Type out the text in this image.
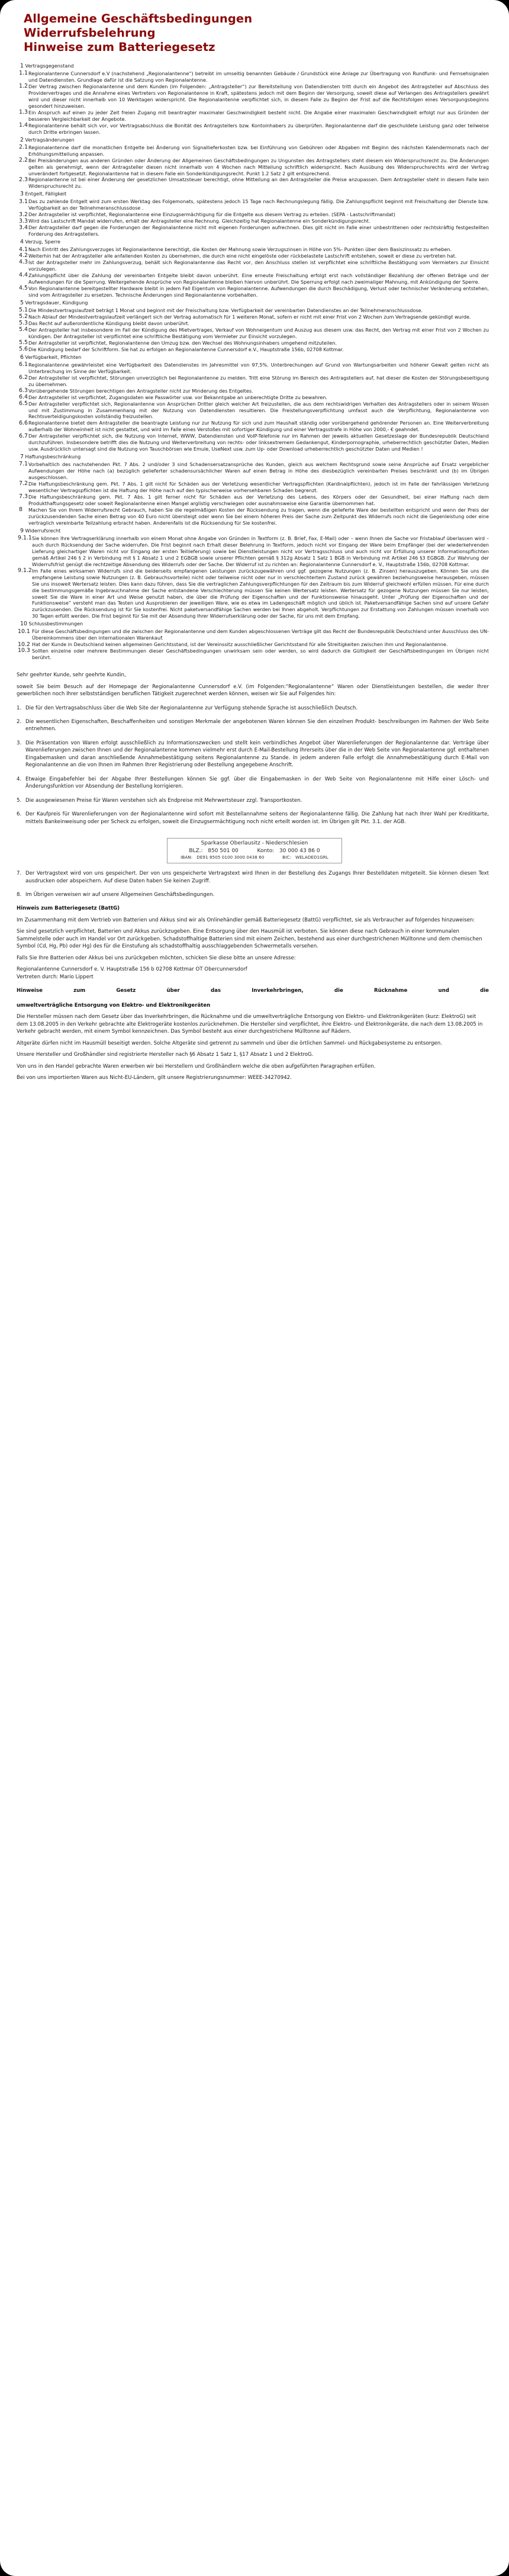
Allgemeine Geschäftsbedingungen
Widerrufsbelehrung
Hinweise zum Batteriegesetz
1 Vertragsgegenstand
1.1 Regionalantenne Cunnersdorf e.V (nachstehend „Regionalantenne“) betreibt im umseitig benannten Gebäude / Grundstück eine Anlage zur Übertragung von Rundfunk- und Fernsehsignalen und Datendiensten. Grundlage dafür ist die Satzung von Regionalantenne.
1.2 Der Vertrag zwischen Regionalantenne und dem Kunden (im Folgenden: „Antragsteller“) zur Bereitstellung von Datendiensten tritt durch ein Angebot des Antragsteller auf Abschluss des Providervertrages und die Annahme eines Vertreters von Regionalantenne in Kraft, spätestens jedoch mit dem Beginn der Versorgung, soweit diese auf Verlangen des Antragstellers gewährt wird und dieser nicht innerhalb von 10 Werktagen widerspricht. Die Regionalantenne verpflichtet sich, in diesem Falle zu Beginn der Frist auf die Rechtsfolgen eines Versorgungsbeginns gesondert hinzuweisen.
1.3 Ein Anspruch auf einen zu jeder Zeit freien Zugang mit beantragter maximaler Geschwindigkeit besteht nicht. Die Angabe einer maximalen Geschwindigkeit erfolgt nur aus Gründen der besseren Vergleichbarkeit der Angebote.
1.4 Regionalantenne behält sich vor, vor Vertragsabschluss die Bonität des Antragstellers bzw. Kontoinhabers zu überprüfen. Regionalantenne darf die geschuldete Leistung ganz oder teilweise durch Dritte erbringen lassen.
2 Vertragsänderungen
2.1 Regionalantenne darf die monatlichen Entgelte bei Änderung von Signallieferkosten bzw. bei Einführung von Gebühren oder Abgaben mit Beginn des nächsten Kalendermonats nach der Erhöhungsmitteilung anpassen.
2.2 Bei Preisänderungen aus anderen Gründen oder Änderung der Allgemeinen Geschäftsbedingungen zu Ungunsten des Antragstellers steht diesem ein Widerspruchsrecht zu. Die Änderungen gelten als genehmigt, wenn der Antragsteller diesen nicht innerhalb von 4 Wochen nach Mitteilung schriftlich widerspricht. Nach Ausübung des Widerspruchsrechts wird der Vertrag unverändert fortgesetzt. Regionalantenne hat in diesem Falle ein Sonderkündigungsrecht. Punkt 1.2 Satz 2 gilt entsprechend.
2.3 Regionalantenne ist bei einer Änderung der gesetzlichen Umsatzsteuer berechtigt, ohne Mitteilung an den Antragsteller die Preise anzupassen. Dem Antragsteller steht in diesem Falle kein Widerspruchsrecht zu.
3 Entgelt, Fälligkeit
3.1 Das zu zahlende Entgelt wird zum ersten Werktag des Folgemonats, spätestens jedoch 15 Tage nach Rechnungslegung fällig. Die Zahlungspflicht beginnt mit Freischaltung der Dienste bzw. Verfügbarkeit an der Teilnehmeranschlussdose .
3.2 Der Antragsteller ist verpflichtet, Regionalantenne eine Einzugsermächtigung für die Entgelte aus diesem Vertrag zu erteilen. (SEPA - Lastschriftmandat)
3.3 Wird das Lastschrift Mandat widerrufen, erhält der Antragsteller eine Rechnung. Gleichzeitig hat Regionalantenne ein Sonderkündigungsrecht.
3.4 Der Antragsteller darf gegen die Forderungen der Regionalantenne nicht mit eigenen Forderungen aufrechnen. Dies gilt nicht im Falle einer unbestrittenen oder rechtskräftig festgestellten Forderung des Antragstellers.
4 Verzug, Sperre
4.1 Nach Eintritt des Zahlungsverzuges ist Regionalantenne berechtigt, die Kosten der Mahnung sowie Verzugszinsen in Höhe von 5%- Punkten über dem Basiszinssatz zu erheben.
4.2 Weiterhin hat der Antragsteller alle anfallenden Kosten zu übernehmen, die durch eine nicht eingelöste oder rückbelastete Lastschrift entstehen, soweit er diese zu vertreten hat.
4.3 Ist der Antragsteller mehr im Zahlungsverzug, behält sich Regionalantenne das Recht vor, den Anschluss stellen ist verpflichtet eine schriftliche Bestätigung vom Vermieters zur Einsicht vorzulegen.
4.4 Zahlungspflicht über die Zahlung der vereinbarten Entgelte bleibt davon unberührt. Eine erneute Freischaltung erfolgt erst nach vollständiger Bezahlung der offenen Beträge und der Aufwendungen für die Sperrung. Weitergehende Ansprüche von Regionalantenne bleiben hiervon unberührt. Die Sperrung erfolgt nach zweimaliger Mahnung, mit Ankündigung der Sperre.
4.5 Von Regionalantenne bereitgestellter Hardware bleibt in jedem Fall Eigentum von Regionalantenne. Aufwendungen die durch Beschädigung, Verlust oder technischer Veränderung entstehen, sind vom Antragsteller zu ersetzen. Technische Änderungen sind Regionalantenne vorbehalten.
5 Vertragsdauer, Kündigung
5.1 Die Mindestvertragslaufzeit beträgt 1 Monat und beginnt mit der Freischaltung bzw. Verfügbarkeit der vereinbarten Datendienstes an der Teilnehmeranschlussdose.
5.2 Nach Ablauf der Mindestvertragslaufzeit verlängert sich der Vertrag automatisch für 1 weiteren Monat, sofern er nicht mit einer Frist von 2 Wochen zum Vertragsende gekündigt wurde.
5.3 Das Recht auf außerordentliche Kündigung bleibt davon unberührt.
5.4 Der Antragsteller hat insbesondere im Fall der Kündigung des Mietvertrages, Verkauf von Wohneigentum und Auszug aus diesem usw. das Recht, den Vertrag mit einer Frist von 2 Wochen zu kündigen. Der Antragsteller ist verpflichtet eine schriftliche Bestätigung vom Vermieter zur Einsicht vorzulegen.
5.5 Der Antragsteller ist verpflichtet, Regionalantenne den Umzug bzw. den Wechsel des Wohnungsinhabers umgehend mitzuteilen.
5.6 Die Kündigung bedarf der Schriftform. Sie hat zu erfolgen an Regionalantenne Cunnersdorf e.V., Hauptstraße 156b, 02708 Kottmar.
6 Verfügbarkeit, Pflichten
6.1 Regionalantenne gewährleistet eine Verfügbarkeit des Datendienstes im Jahresmittel von 97,5%. Unterbrechungen auf Grund von Wartungsarbeiten und höherer Gewalt gelten nicht als Unterbrechung im Sinne der Verfügbarkeit.
6.2 Der Antragsteller ist verpflichtet, Störungen unverzüglich bei Regionalantenne zu melden. Tritt eine Störung im Bereich des Antragstellers auf, hat dieser die Kosten der Störungsbeseitigung zu übernehmen.
6.3 Vorübergehende Störungen berechtigen den Antragsteller nicht zur Minderung des Entgeltes.
6.4 Der Antragsteller ist verpflichtet, Zugangsdaten wie Passwörter usw. vor Bekanntgabe an unberechtigte Dritte zu bewahren.
6.5 Der Antragsteller verpflichtet sich, Regionalantenne von Ansprüchen Dritter gleich welcher Art freizustellen, die aus dem rechtswidrigen Verhalten des Antragstellers oder in seinem Wissen und mit Zustimmung in Zusammenhang mit der Nutzung von Datendiensten resultieren. Die Freistellungsverpflichtung umfasst auch die Verpflichtung, Regionalantenne von Rechtsverteidigungskosten vollständig freizustellen.
6.6 Regionalantenne bietet dem Antragsteller die beantragte Leistung nur zur Nutzung für sich und zum Haushalt ständig oder vorübergehend gehörender Personen an. Eine Weiterverbreitung außerhalb der Wohneinheit ist nicht gestattet, und wird im Falle eines Verstoßes mit sofortiger Kündigung und einer Vertragsstrafe in Höhe von 2000,- € geahndet.
6.7 Der Antragsteller verpflichtet sich, die Nutzung von Internet, WWW, Datendiensten und VoIP-Telefonie nur im Rahmen der jeweils aktuellen Gesetzeslage der Bundesrepublik Deutschland durchzuführen. Insbesondere betrifft dies die Nutzung und Weiterverbreitung von rechts- oder linksextremem Gedankengut, Kinderpornographie, urheberrechtlich geschützter Daten, Medien usw. Ausdrücklich untersagt sind die Nutzung von Tauschbörsen wie Emule, UseNext usw. zum Up- oder Download urheberrechtlich geschützter Daten und Medien !
7 Haftungsbeschränkung
7.1 Vorbehaltlich des nachstehenden Pkt. 7 Abs. 2 und/oder 3 sind Schadensersatzansprüche des Kunden, gleich aus welchem Rechtsgrund sowie seine Ansprüche auf Ersatz vergeblicher Aufwendungen der Höhe nach (a) bezüglich gelieferter schadensursächlicher Waren auf einen Betrag in Höhe des diesbezüglich vereinbarten Preises beschränkt und (b) im Übrigen ausgeschlossen.
7.2 Die Haftungsbeschränkung gem. Pkt. 7 Abs. 1 gilt nicht für Schäden aus der Verletzung wesentlicher Vertragspflichten (Kardinalpflichten), jedoch ist im Falle der fahrlässigen Verletzung wesentlicher Vertragspflichten ist die Haftung der Höhe nach auf den typischerweise vorhersehbaren Schaden begrenzt.
7.3 Die Haftungsbeschränkung gem. Pkt. 7 Abs. 1 gilt ferner nicht für Schäden aus der Verletzung des Lebens, des Körpers oder der Gesundheit, bei einer Haftung nach dem Produkthaftungsgesetz oder soweit Regionalantenne einen Mangel arglistig verschwiegen oder ausnahmsweise eine Garantie übernommen hat.
8 Machen Sie von Ihrem Widerrufsrecht Gebrauch, haben Sie die regelmäßigen Kosten der Rücksendung zu tragen, wenn die gelieferte Ware der bestellten entspricht und wenn der Preis der zurückzusendenden Sache einen Betrag von 40 Euro nicht übersteigt oder wenn Sie bei einem höheren Preis der Sache zum Zeitpunkt des Widerrufs noch nicht die Gegenleistung oder eine vertraglich vereinbarte Teilzahlung erbracht haben. Anderenfalls ist die Rücksendung für Sie kostenfrei.
9 Widerrufsrecht
9.1.1 Sie können Ihre Vertragserklärung innerhalb von einem Monat ohne Angabe von Gründen in Textform (z. B. Brief, Fax, E-Mail) oder – wenn Ihnen die Sache vor Fristablauf überlassen wird – auch durch Rücksendung der Sache widerrufen. Die Frist beginnt nach Erhalt dieser Belehrung in Textform, jedoch nicht vor Eingang der Ware beim Empfänger (bei der wiederkehrenden Lieferung gleichartiger Waren nicht vor Eingang der ersten Teillieferung) sowie bei Dienstleistungen nicht vor Vertragsschluss und auch nicht vor Erfüllung unserer Informationspflichten gemäß Artikel 246 § 2 in Verbindung mit § 1 Absatz 1 und 2 EGBGB sowie unserer Pflichten gemäß § 312g Absatz 1 Satz 1 BGB in Verbindung mit Artikel 246 §3 EGBGB. Zur Wahrung der Widerrufsfrist genügt die rechtzeitige Absendung des Widerrufs oder der Sache. Der Widerruf ist zu richten an: Regionalantenne Cunnersdorf e. V., Hauptstraße 156b, 02708 Kottmar.
9.1.2 Im Falle eines wirksamen Widerrufs sind die beiderseits empfangenen Leistungen zurückzugewähren und ggf. gezogene Nutzungen (z. B. Zinsen) herauszugeben. Können Sie uns die empfangene Leistung sowie Nutzungen (z. B. Gebrauchsvorteile) nicht oder teilweise nicht oder nur in verschlechtertem Zustand zurück gewähren beziehungsweise herausgeben, müssen Sie uns insoweit Wertersatz leisten. Dies kann dazu führen, dass Sie die vertraglichen Zahlungsverpflichtungen für den Zeitraum bis zum Widerruf gleichwohl erfüllen müssen. Für eine durch die bestimmungsgemäße Ingebrauchnahme der Sache entstandene Verschlechterung müssen Sie keinen Wertersatz leisten. Wertersatz für gezogene Nutzungen müssen Sie nur leisten, soweit Sie die Ware in einer Art und Weise genutzt haben, die über die Prüfung der Eigenschaften und der Funktionsweise hinausgeht. Unter „Prüfung der Eigenschaften und der Funktionsweise“ versteht man das Testen und Ausprobieren der jeweiligen Ware, wie es etwa im Ladengeschäft möglich und üblich ist. Paketversandfähige Sachen sind auf unsere Gefahr zurückzusenden. Die Rücksendung ist für Sie kostenfrei. Nicht paketversandfähige Sachen werden bei Ihnen abgeholt. Verpflichtungen zur Erstattung von Zahlungen müssen innerhalb von 30 Tagen erfüllt werden. Die Frist beginnt für Sie mit der Absendung Ihrer Widerrufserklärung oder der Sache, für uns mit dem Empfang.
10 Schlussbestimmungen
10.1 Für diese Geschäftsbedingungen und die zwischen der Regionalantenne und dem Kunden abgeschlossenen Verträge gilt das Recht der Bundesrepublik Deutschland unter Ausschluss des UN-Übereinkommens über den internationalen Warenkauf.
10.2 Hat der Kunde in Deutschland keinen allgemeinen Gerichtsstand, ist der Vereinssitz ausschließlicher Gerichtsstand für alle Streitigkeiten zwischen ihm und Regionalantenne.
10.3 Sollten einzelne oder mehrere Bestimmungen dieser Geschäftsbedingungen unwirksam sein oder werden, so wird dadurch die Gültigkeit der Geschäftsbedingungen im Übrigen nicht berührt.
Sehr geehrter Kunde, sehr geehrte Kundin,
soweit Sie beim Besuch auf der Homepage der Regionalantenne Cunnersdorf e.V. (im Folgenden:“Regionalantenne“ Waren oder Dienstleistungen bestellen, die weder Ihrer gewerblichen noch Ihrer selbstständigen beruflichen Tätigkeit zugerechnet werden können, weisen wir Sie auf Folgendes hin:
1. Die für den Vertragsabschluss über die Web Site der Regionalantenne zur Verfügung stehende Sprache ist ausschließlich Deutsch.
2. Die wesentlichen Eigenschaften, Beschaffenheiten und sonstigen Merkmale der angebotenen Waren können Sie den einzelnen Produkt- beschreibungen im Rahmen der Web Seite entnehmen.
3. Die Präsentation von Waren erfolgt ausschließlich zu Informationszwecken und stellt kein verbindliches Angebot über Warenlieferungen der Regionalantenne dar. Verträge über Warenlieferungen zwischen Ihnen und der Regionalantenne kommen vielmehr erst durch E-Mail-Bestellung Ihrerseits über die in der Web Seite von Regionalantenne ggf. enthaltenen Eingabemasken und daran anschließende Annahmebestätigung seitens Regionalantenne zu Stande. In jedem anderen Falle erfolgt die Annahmebestätigung durch E-Mail von Regionalantenne an die von Ihnen im Rahmen Ihrer Registrierung oder Bestellung angegebene Anschrift.
4. Etwaige Eingabefehler bei der Abgabe Ihrer Bestellungen können Sie ggf. über die Eingabemasken in der Web Seite von Regionalantenne mit Hilfe einer Lösch- und Änderungsfunktion vor Absendung der Bestellung korrigieren.
5. Die ausgewiesenen Preise für Waren verstehen sich als Endpreise mit Mehrwertsteuer zzgl. Transportkosten.
6. Der Kaufpreis für Warenlieferungen von der Regionalantenne wird sofort mit Bestellannahme seitens der Regionalantenne fällig. Die Zahlung hat nach Ihrer Wahl per Kreditkarte, mittels Bankeinweisung oder per Scheck zu erfolgen, soweit die Einzugsermächtigung noch nicht erteilt worden ist. Im Übrigen gilt Pkt. 3.1. der AGB.
Sparkasse Oberlausitz - Niederschlesien
BLZ.: 850 501 00	Konto: 30 000 43 86 0
IBAN: DE91 8505 0100 3000 0438 60	BIC: WELADED1GRL
7. Der Vertragstext wird von uns gespeichert. Der von uns gespeicherte Vertragstext wird Ihnen in der Bestellung des Zugangs Ihrer Bestelldaten mitgeteilt. Sie können diesen Text ausdrucken oder abspeichern. Auf diese Daten haben Sie keinen Zugriff.
8. Im Übrigen verweisen wir auf unsere Allgemeinen Geschäftsbedingungen.
Hinweis zum Batteriegesetz (BattG)
Im Zusammenhang mit dem Vertrieb von Batterien und Akkus sind wir als Onlinehändler gemäß Batteriegesetz (BattG) verpflichtet, sie als Verbraucher auf folgendes hinzuweisen:
Sie sind gesetzlich verpflichtet, Batterien und Akkus zurückzugeben. Eine Entsorgung über den Hausmüll ist verboten. Sie können diese nach Gebrauch in einer kommunalen Sammelstelle oder auch im Handel vor Ort zurückgeben. Schadstoffhaltige Batterien sind mit einem Zeichen, bestehend aus einer durchgestrichenen Mülltonne und dem chemischen Symbol (Cd, Hg, Pb) oder Hg) des für die Einstufung als schadstoffhaltig ausschlaggebenden Schwermetalls versehen.
Falls Sie Ihre Batterien oder Akkus bei uns zurückgeben möchten, schicken Sie diese bitte an unsere Adresse:
Regionalantenne Cunnersdorf e. V. Hauptstraße 156 b 02708 Kottmar OT Obercunnersdorf
Vertreten durch: Mario Lippert
Hinweise zum Gesetz über das Inverkehrbringen, die Rücknahme und die
umweltverträgliche Entsorgung von Elektro- und Elektronikgeräten
Die Hersteller müssen nach dem Gesetz über das Inverkehrbringen, die Rücknahme und die umweltverträgliche Entsorgung von Elektro- und Elektronikgeräten (kurz: ElektroG) seit dem 13.08.2005 in den Verkehr gebrachte alte Elektrogeräte kostenlos zurücknehmen. Die Hersteller sind verpflichtet, ihre Elektro- und Elektronikgeräte, die nach dem 13.08.2005 in Verkehr gebracht werden, mit einem Symbol kennzeichnen. Das Symbol besteht aus einer durchgestrichene Mülltonne auf Rädern.
Altgeräte dürfen nicht im Hausmüll beseitigt werden. Solche Altgeräte sind getrennt zu sammeln und über die örtlichen Sammel- und Rückgabesysteme zu entsorgen.
Unsere Hersteller und Großhändler sind registrierte Hersteller nach §6 Absatz 1 Satz 1, §17 Absatz 1 und 2 ElektroG.
Von uns in den Handel gebrachte Waren erwerben wir bei Herstellern und Großhändlern welche die oben aufgeführten Paragraphen erfüllen.
Bei von uns importierten Waren aus Nicht-EU-Ländern, gilt unsere Registrierungsnummer: WEEE-34270942.
